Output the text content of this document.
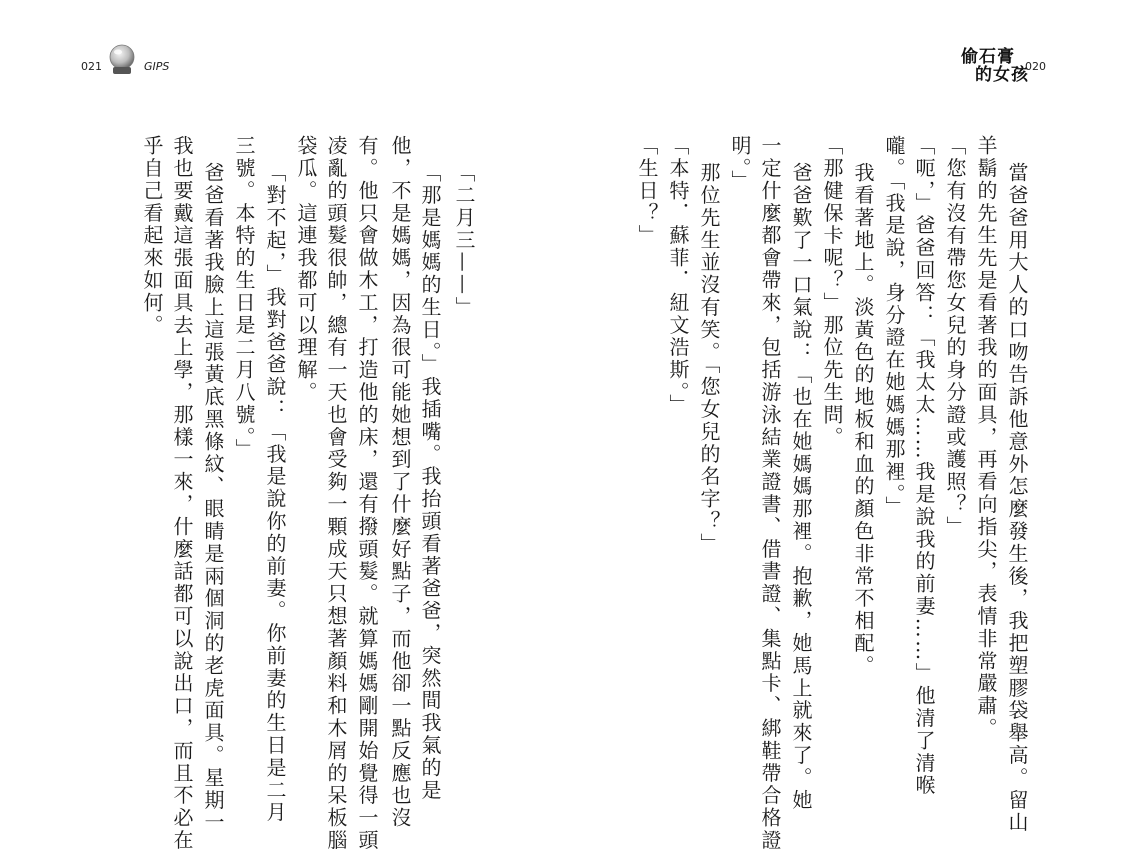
021	GIPS
「二月三——」
「那是媽媽的生日。」我插嘴。我抬頭看著爸爸，突然間我氣的是
他，不是媽媽，因為很可能她想到了什麼好點子，而他卻一點反應也沒
有。他只會做木工，打造他的床，還有撥頭髮。就算媽媽剛開始覺得一頭
凌亂的頭髮很帥，總有一天也會受夠一顆成天只想著顏料和木屑的呆板腦
袋瓜。這連我都可以理解。
「對不起，」我對爸爸說：「我是說你的前妻。你前妻的生日是二月
三號。本特的生日是二月八號。」
爸爸看著我臉上這張黃底黑條紋、眼睛是兩個洞的老虎面具。星期一
我也要戴這張面具去上學，那樣一來，什麼話都可以說出口，而且不必在
乎自己看起來如何。
偷石膏
的女孩
020
當爸爸用大人的口吻告訴他意外怎麼發生後，我把塑膠袋舉高。留山
羊鬍的先生先是看著我的面具，再看向指尖，表情非常嚴肅。
「您有沒有帶您女兒的身分證或護照？」
「呃，」爸爸回答：「我太太……我是說我的前妻……」他清了清喉
嚨。「我是說，身分證在她媽媽那裡。」
我看著地上。淡黃色的地板和血的顏色非常不相配。
「那健保卡呢？」那位先生問。
爸爸歎了一口氣說：「也在她媽媽那裡。抱歉，她馬上就來了。她
一定什麼都會帶來，包括游泳結業證書、借書證、集點卡、綁鞋帶合格證
明。」
那位先生並沒有笑。「您女兒的名字？」
「本特．蘇菲．紐文浩斯。」
「生日？」
